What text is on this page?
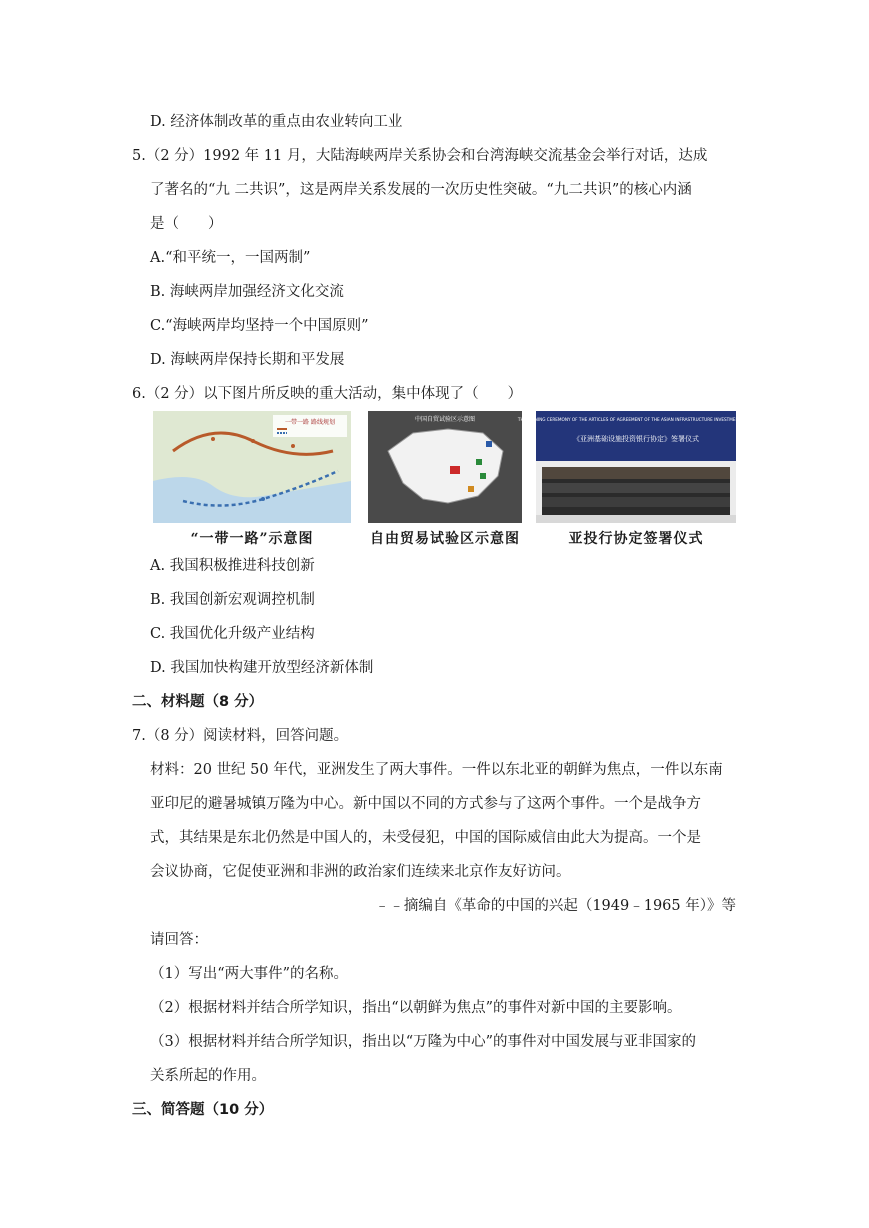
D. 经济体制改革的重点由农业转向工业
5.（2 分）1992 年 11 月，大陆海峡两岸关系协会和台湾海峡交流基金会举行对话，达成
了著名的“九 二共识”，这是两岸关系发展的一次历史性突破。“九二共识”的核心内涵
是（　　）
A.“和平统一，一国两制”
B. 海峡两岸加强经济文化交流
C.“海峡两岸均坚持一个中国原则”
D. 海峡两岸保持长期和平发展
6.（2 分）以下图片所反映的重大活动，集中体现了（　　）
一带一路 路线规划
“一带一路”示意图
中国自贸试验区示意图
自由贸易试验区示意图
THE SIGNING CEREMONY OF THE ARTICLES OF AGREEMENT OF THE ASIAN INFRASTRUCTURE INVESTMENT BANK
《亚洲基础设施投资银行协定》签署仪式
亚投行协定签署仪式
A. 我国积极推进科技创新
B. 我国创新宏观调控机制
C. 我国优化升级产业结构
D. 我国加快构建开放型经济新体制
二、材料题（8 分）
7.（8 分）阅读材料，回答问题。
材料：20 世纪 50 年代，亚洲发生了两大事件。一件以东北亚的朝鲜为焦点，一件以东南
亚印尼的避暑城镇万隆为中心。新中国以不同的方式参与了这两个事件。一个是战争方
式，其结果是东北仍然是中国人的，未受侵犯，中国的国际威信由此大为提高。一个是
会议协商，它促使亚洲和非洲的政治家们连续来北京作友好访问。
﹣﹣摘编自《革命的中国的兴起（1949﹣1965 年）》等
请回答：
（1）写出“两大事件”的名称。
（2）根据材料并结合所学知识，指出“以朝鲜为焦点”的事件对新中国的主要影响。
（3）根据材料并结合所学知识，指出以“万隆为中心”的事件对中国发展与亚非国家的
关系所起的作用。
三、简答题（10 分）
